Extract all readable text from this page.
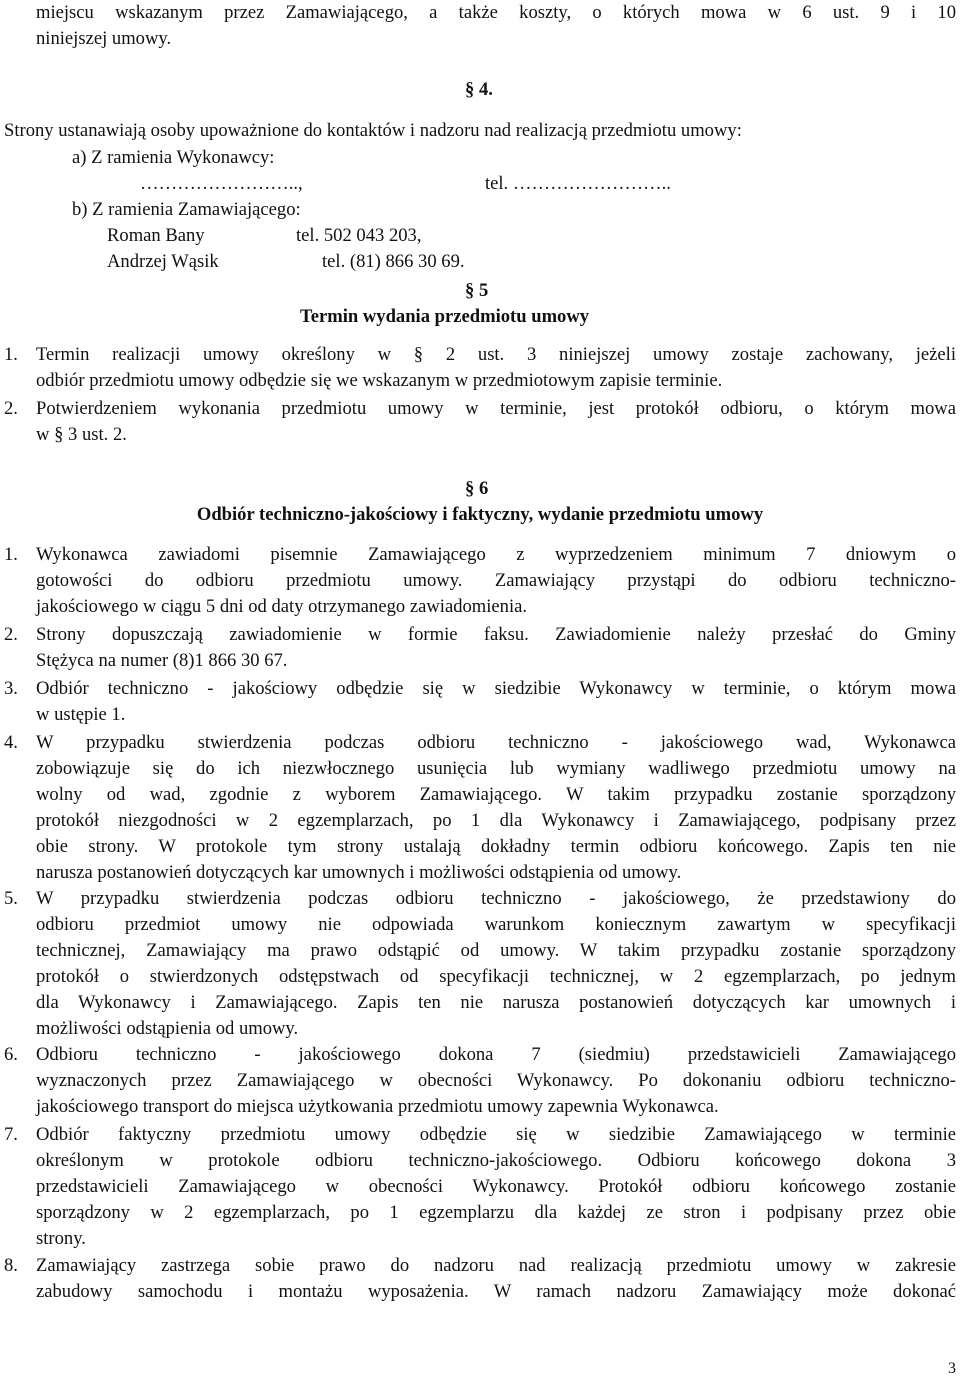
miejscu wskazanym przez Zamawiającego, a także koszty, o których mowa w 6 ust. 9 i 10
niniejszej umowy.
§ 4.
Strony ustanawiają osoby upoważnione do kontaktów i nadzoru nad realizacją przedmiotu umowy:
a) Z ramienia Wykonawcy:
……………………..,	tel. ……………………..
b) Z ramienia Zamawiającego:
Roman Bany	tel. 502 043 203,
Andrzej Wąsik	tel. (81) 866 30 69.
§ 5
Termin wydania przedmiotu umowy
1. Termin realizacji umowy określony w § 2 ust. 3 niniejszej umowy zostaje zachowany, jeżeli
odbiór przedmiotu umowy odbędzie się we wskazanym w przedmiotowym zapisie terminie.
2. Potwierdzeniem wykonania przedmiotu umowy w terminie, jest protokół odbioru, o którym mowa
w § 3 ust. 2.
§ 6
Odbiór techniczno-jakościowy i faktyczny, wydanie przedmiotu umowy
1. Wykonawca zawiadomi pisemnie Zamawiającego z wyprzedzeniem minimum 7 dniowym o
gotowości do odbioru przedmiotu umowy. Zamawiający przystąpi do odbioru techniczno-
jakościowego w ciągu 5 dni od daty otrzymanego zawiadomienia.
2. Strony dopuszczają zawiadomienie w formie faksu. Zawiadomienie należy przesłać do Gminy
Stężyca na numer (8)1 866 30 67.
3. Odbiór techniczno - jakościowy odbędzie się w siedzibie Wykonawcy w terminie, o którym mowa
w ustępie 1.
4. W przypadku stwierdzenia podczas odbioru techniczno - jakościowego wad, Wykonawca
zobowiązuje się do ich niezwłocznego usunięcia lub wymiany wadliwego przedmiotu umowy na
wolny od wad, zgodnie z wyborem Zamawiającego. W takim przypadku zostanie sporządzony
protokół niezgodności w 2 egzemplarzach, po 1 dla Wykonawcy i Zamawiającego, podpisany przez
obie strony. W protokole tym strony ustalają dokładny termin odbioru końcowego. Zapis ten nie
narusza postanowień dotyczących kar umownych i możliwości odstąpienia od umowy.
5. W przypadku stwierdzenia podczas odbioru techniczno - jakościowego, że przedstawiony do
odbioru przedmiot umowy nie odpowiada warunkom koniecznym zawartym w specyfikacji
technicznej, Zamawiający ma prawo odstąpić od umowy. W takim przypadku zostanie sporządzony
protokół o stwierdzonych odstępstwach od specyfikacji technicznej, w 2 egzemplarzach, po jednym
dla Wykonawcy i Zamawiającego. Zapis ten nie narusza postanowień dotyczących kar umownych i
możliwości odstąpienia od umowy.
6. Odbioru techniczno - jakościowego dokona 7 (siedmiu) przedstawicieli Zamawiającego
wyznaczonych przez Zamawiającego w obecności Wykonawcy. Po dokonaniu odbioru techniczno-
jakościowego transport do miejsca użytkowania przedmiotu umowy zapewnia Wykonawca.
7. Odbiór faktyczny przedmiotu umowy odbędzie się w siedzibie Zamawiającego w terminie
określonym w protokole odbioru techniczno-jakościowego. Odbioru końcowego dokona 3
przedstawicieli Zamawiającego w obecności Wykonawcy. Protokół odbioru końcowego zostanie
sporządzony w 2 egzemplarzach, po 1 egzemplarzu dla każdej ze stron i podpisany przez obie
strony.
8. Zamawiający zastrzega sobie prawo do nadzoru nad realizacją przedmiotu umowy w zakresie
zabudowy samochodu i montażu wyposażenia. W ramach nadzoru Zamawiający może dokonać
3
